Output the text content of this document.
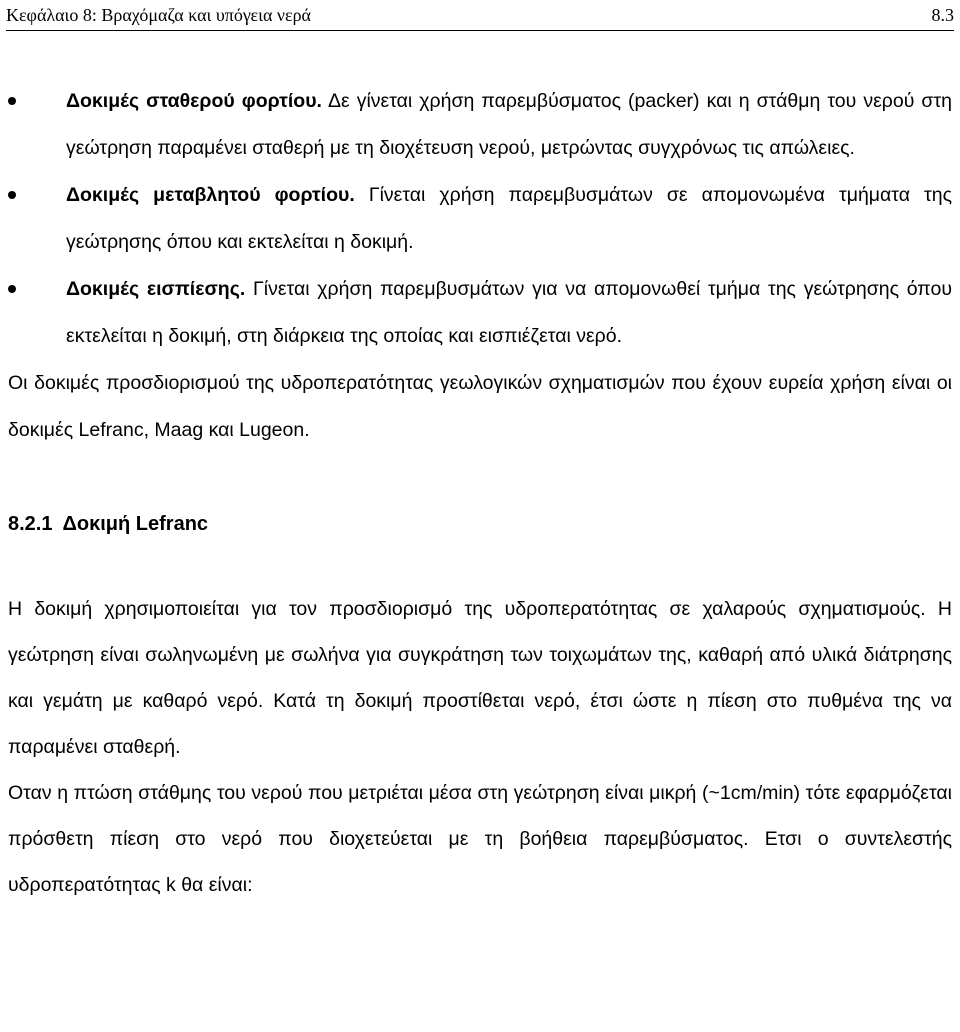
Κεφάλαιο 8: Βραχόμαζα και υπόγεια νερά	8.3
Δοκιμές σταθερού φορτίου. Δε γίνεται χρήση παρεμβύσματος (packer) και η στάθμη του νερού στη γεώτρηση παραμένει σταθερή με τη διοχέτευση νερού, μετρώντας συγχρόνως τις απώλειες.
Δοκιμές μεταβλητού φορτίου. Γίνεται χρήση παρεμβυσμάτων σε απομονωμένα τμήματα της γεώτρησης όπου και εκτελείται η δοκιμή.
Δοκιμές εισπίεσης. Γίνεται χρήση παρεμβυσμάτων για να απομονωθεί τμήμα της γεώτρησης όπου εκτελείται η δοκιμή, στη διάρκεια της οποίας και εισπιέζεται νερό.

Οι δοκιμές προσδιορισμού της υδροπερατότητας γεωλογικών σχηματισμών που έχουν ευρεία χρήση είναι οι δοκιμές Lefranc, Maag και Lugeon.

8.2.1 Δοκιμή Lefranc

Η δοκιμή χρησιμοποιείται για τον προσδιορισμό της υδροπερατότητας σε χαλαρούς σχηματισμούς. Η γεώτρηση είναι σωληνωμένη με σωλήνα για συγκράτηση των τοιχωμάτων της, καθαρή από υλικά διάτρησης και γεμάτη με καθαρό νερό. Κατά τη δοκιμή προστίθεται νερό, έτσι ώστε η πίεση στο πυθμένα της να παραμένει σταθερή.

Οταν η πτώση στάθμης του νερού που μετριέται μέσα στη γεώτρηση είναι μικρή (~1cm/min) τότε εφαρμόζεται πρόσθετη πίεση στο νερό που διοχετεύεται με τη βοήθεια παρεμβύσματος. Ετσι ο συντελεστής υδροπερατότητας k θα είναι:
